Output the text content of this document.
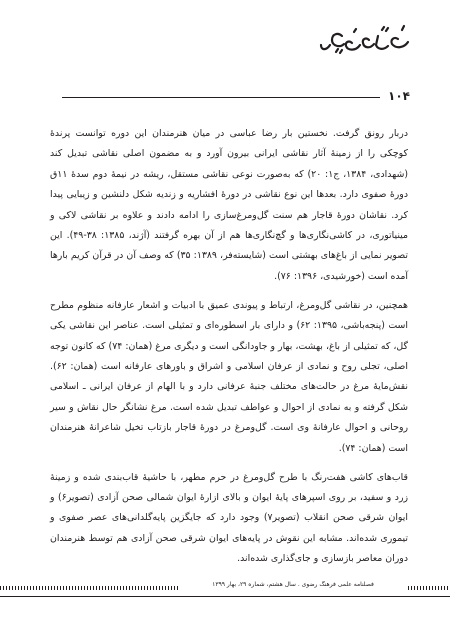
۱۰۴

دربار رونق گرفت. نخستین بار رضا عباسی در میان هنرمندان این دوره توانست پرندۀ کوچکی را از زمینۀ آثار نقاشی ایرانی بیرون آورد و به مضمون اصلی نقاشی تبدیل کند (شهدادی، ۱۳۸۴، ج۱: ۲۰) که به‌صورت نوعی نقاشی مستقل، ریشه در نیمۀ دوم سدۀ ۱۱ق دورۀ صفوی دارد. بعدها این نوع نقاشی در دورۀ افشاریه و زندیه شکل دلنشین و زیبایی پیدا کرد. نقاشان دورۀ قاجار هم سنت گل‌ومرغ‌سازی را ادامه دادند و علاوه بر نقاشی لاکی و مینیاتوری، در کاشی‌نگاری‌ها و گچ‌نگاری‌ها هم از آن بهره گرفتند (آژند، ۱۳۸۵: ۳۸-۴۹). این تصویر نمایی از باغ‌های بهشتی است (شایسته‌فر، ۱۳۸۹: ۳۵) که وصف آن در قرآن کریم بارها آمده است (خورشیدی، ۱۳۹۶: ۷۶).

همچنین، در نقاشی گل‌ومرغ، ارتباط و پیوندی عمیق با ادبیات و اشعار عارفانه منظوم مطرح است (پنجه‌باشی، ۱۳۹۵: ۶۲) و دارای بار اسطوره‌ای و تمثیلی است. عناصر این نقاشی یکی گل، که تمثیلی از باغ، بهشت، بهار و جاودانگی است و دیگری مرغ (همان: ۷۴) که کانون توجه اصلی، تجلی روح و نمادی از عرفان اسلامی و اشراق و باورهای عارفانه است (همان: ۶۲). نقش‌مایۀ مرغ در حالت‌های مختلف جنبۀ عرفانی دارد و با الهام از عرفان ایرانی ـ اسلامی شکل گرفته و به نمادی از احوال و عواطف تبدیل شده است. مرغ نشانگر حال نقاش و سیر روحانی و احوال عارفانۀ وی است. گل‌ومرغ در دورۀ قاجار بازتاب تخیل شاعرانۀ هنرمندان است (همان: ۷۴).

قاب‌های کاشی هفت‌رنگ با طرح گل‌ومرغ در حرم مطهر، با حاشیۀ قاب‌بندی شده و زمینۀ زرد و سفید، بر روی اسپرهای پایۀ ایوان و بالای ازارۀ ایوان شمالی صحن آزادی (تصویر۶) و ایوان شرقی صحن انقلاب (تصویر۷) وجود دارد که جایگزین پایه‌گلدانی‌های عصر صفوی و تیموری شده‌اند. مشابه این نقوش در پایه‌های ایوان شرقی صحن آزادی هم توسط هنرمندان دوران معاصر بازسازی و جای‌گذاری شده‌اند.

فصلنامه علمی فرهنگ رضوی . سال هشتم، شماره ۲۹، بهار ۱۳۹۹
